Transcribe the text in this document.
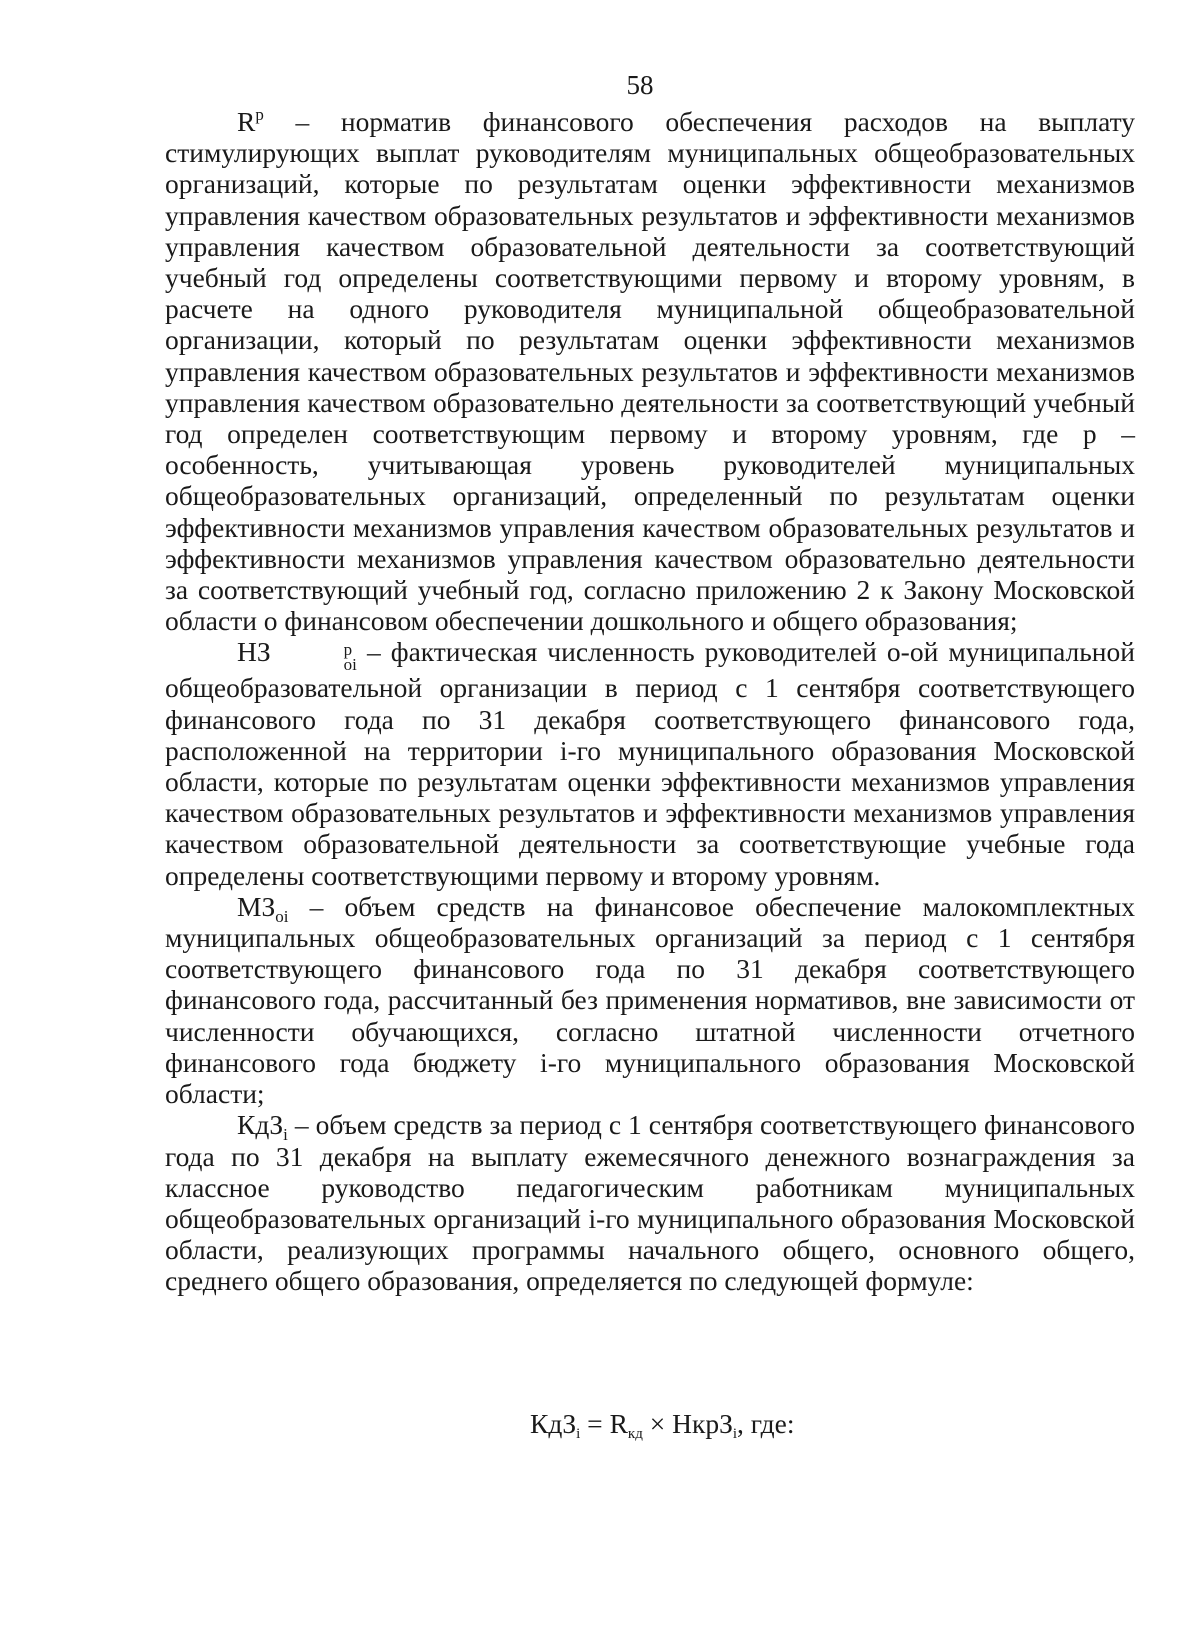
58

$R^р$ – норматив финансового обеспечения расходов на выплату стимулирующих выплат руководителям муниципальных общеобразовательных организаций, которые по результатам оценки эффективности механизмов управления качеством образовательных результатов и эффективности механизмов управления качеством образовательной деятельности за соответствующий учебный год определены соответствующими первому и второму уровням, в расчете на одного руководителя муниципальной общеобразовательной организации, который по результатам оценки эффективности механизмов управления качеством образовательных результатов и эффективности механизмов управления качеством образовательно деятельности за соответствующий учебный год определен соответствующим первому и второму уровням, где р – особенность, учитывающая уровень руководителей муниципальных общеобразовательных организаций, определенный по результатам оценки эффективности механизмов управления качеством образовательных результатов и эффективности механизмов управления качеством образовательно деятельности за соответствующий учебный год, согласно приложению 2 к Закону Московской области о финансовом обеспечении дошкольного и общего образования;

НЗ	р
oi – фактическая численность руководителей о-ой муниципальной общеобразовательной организации в период с 1 сентября соответствующего финансового года по 31 декабря соответствующего финансового года, расположенной на территории i-го муниципального образования Московской области, которые по результатам оценки эффективности механизмов управления качеством образовательных результатов и эффективности механизмов управления качеством образовательной деятельности за соответствующие учебные года определены соответствующими первому и второму уровням.

$МЗ_{oi}$ – объем средств на финансовое обеспечение малокомплектных муниципальных общеобразовательных организаций за период с 1 сентября соответствующего финансового года по 31 декабря соответствующего финансового года, рассчитанный без применения нормативов, вне зависимости от численности обучающихся, согласно штатной численности отчетного финансового года бюджету i-го муниципального образования Московской области;

КдЗ$_i$ – объем средств за период с 1 сентября соответствующего финансового года по 31 декабря на выплату ежемесячного денежного вознаграждения за классное руководство педагогическим работникам муниципальных общеобразовательных организаций i-го муниципального образования Московской области, реализующих программы начального общего, основного общего, среднего общего образования, определяется по следующей формуле:

$КдЗ_i = R_{кд}$ × НкрЗ$_i$, где:
